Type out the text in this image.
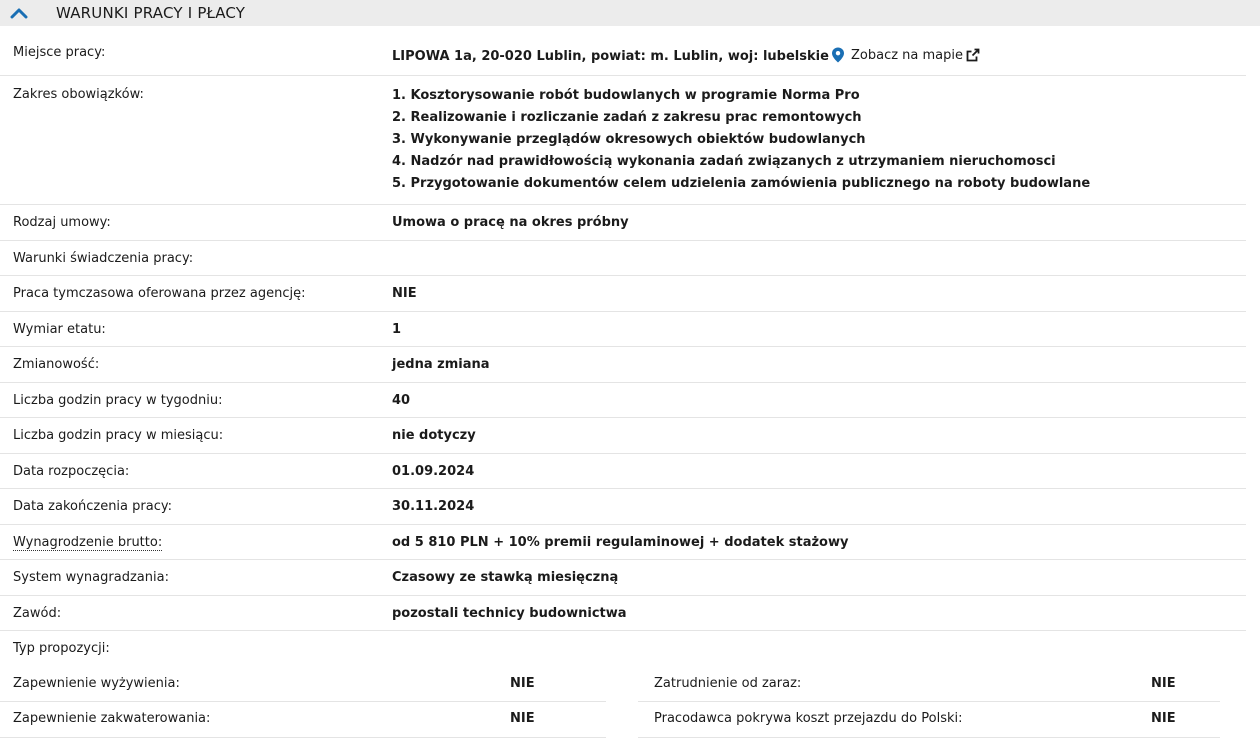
WARUNKI PRACY I PŁACY
Miejsce pracy:	LIPOWA 1a, 20-020 Lublin, powiat: m. Lublin, woj: lubelskie Zobacz na mapie
Zakres obowiązków:	1. Kosztorysowanie robót budowlanych w programie Norma Pro
2. Realizowanie i rozliczanie zadań z zakresu prac remontowych
3. Wykonywanie przeglądów okresowych obiektów budowlanych
4. Nadzór nad prawidłowością wykonania zadań związanych z utrzymaniem nieruchomosci
5. Przygotowanie dokumentów celem udzielenia zamówienia publicznego na roboty budowlane
Rodzaj umowy:	Umowa o pracę na okres próbny
Warunki świadczenia pracy:
Praca tymczasowa oferowana przez agencję:	NIE
Wymiar etatu:	1
Zmianowość:	jedna zmiana
Liczba godzin pracy w tygodniu:	40
Liczba godzin pracy w miesiącu:	nie dotyczy
Data rozpoczęcia:	01.09.2024
Data zakończenia pracy:	30.11.2024
Wynagrodzenie brutto:	od 5 810 PLN + 10% premii regulaminowej + dodatek stażowy
System wynagradzania:	Czasowy ze stawką miesięczną
Zawód:	pozostali technicy budownictwa
Typ propozycji:
Zapewnienie wyżywienia:	NIE
Zapewnienie zakwaterowania:	NIE
Zatrudnienie od zaraz:	NIE
Pracodawca pokrywa koszt przejazdu do Polski:	NIE
